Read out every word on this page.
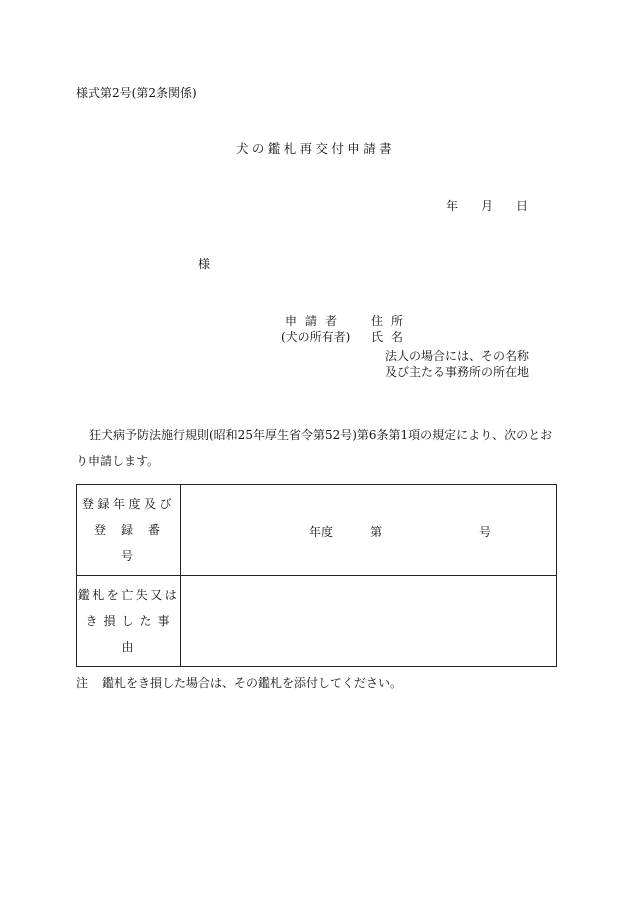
様式第2号(第2条関係)
犬の鑑札再交付申請書
年 月 日
様
申請者
(犬の所有者)
住所
氏名
法人の場合には、その名称
及び主たる事務所の所在地
狂犬病予防法施行規則(昭和25年厚生省令第52号)第6条第1項の規定により、次のとおり申請します。
登録年度及び
登録番号	年度 第 号

鑑札を亡失又は
き損した事由	

注 鑑札をき損した場合は、その鑑札を添付してください。
